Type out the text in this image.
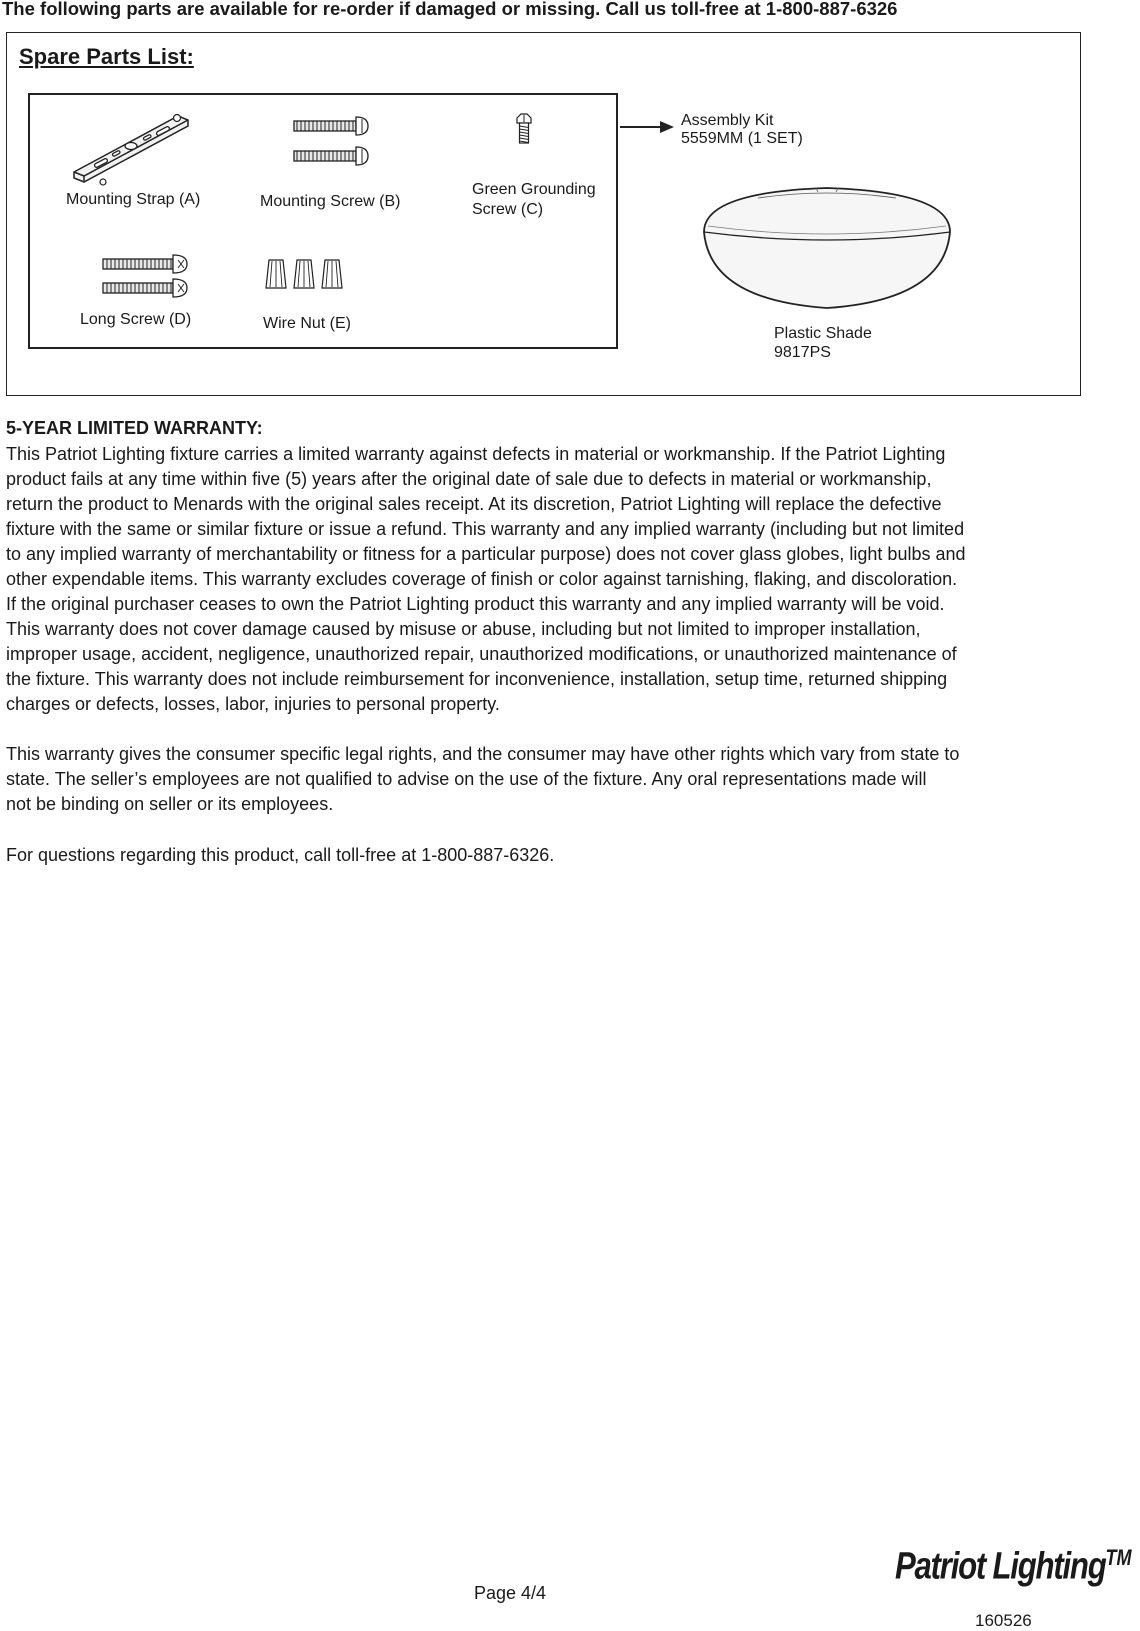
The following parts are available for re-order if damaged or missing. Call us toll-free at 1-800-887-6326
Spare Parts List:
Mounting Strap (A)	Mounting Screw (B)
Green Grounding
Screw (C)
Long Screw (D)	Wire Nut (E)
Assembly Kit
5559MM (1 SET)
Plastic Shade
9817PS
5-YEAR LIMITED WARRANTY:
This Patriot Lighting fixture carries a limited warranty against defects in material or workmanship. If the Patriot Lighting
product fails at any time within five (5) years after the original date of sale due to defects in material or workmanship,
return the product to Menards with the original sales receipt. At its discretion, Patriot Lighting will replace the defective
fixture with the same or similar fixture or issue a refund. This warranty and any implied warranty (including but not limited
to any implied warranty of merchantability or fitness for a particular purpose) does not cover glass globes, light bulbs and
other expendable items. This warranty excludes coverage of finish or color against tarnishing, flaking, and discoloration.
If the original purchaser ceases to own the Patriot Lighting product this warranty and any implied warranty will be void.
This warranty does not cover damage caused by misuse or abuse, including but not limited to improper installation,
improper usage, accident, negligence, unauthorized repair, unauthorized modifications, or unauthorized maintenance of
the fixture. This warranty does not include reimbursement for inconvenience, installation, setup time, returned shipping
charges or defects, losses, labor, injuries to personal property.
This warranty gives the consumer specific legal rights, and the consumer may have other rights which vary from state to
state. The seller’s employees are not qualified to advise on the use of the fixture. Any oral representations made will
not be binding on seller or its employees.
For questions regarding this product, call toll-free at 1-800-887-6326.
Page 4/4
Patriot Lighting™
160526
